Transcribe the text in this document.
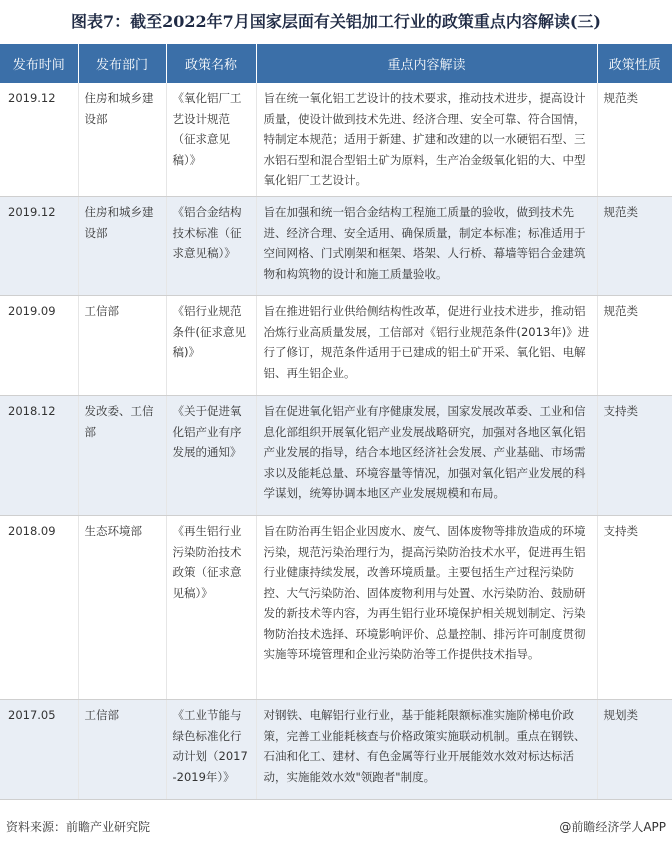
图表7：截至2022年7月国家层面有关铝加工行业的政策重点内容解读(三)
发布时间	发布部门	政策名称	重点内容解读	政策性质
2019.12	住房和城乡建设部	《氧化铝厂工艺设计规范（征求意见稿）》	旨在统一氧化铝工艺设计的技术要求，推动技术进步，提高设计质量，使设计做到技术先进、经济合理、安全可靠、符合国情，特制定本规范；适用于新建、扩建和改建的以一水硬铝石型、三水铝石型和混合型铝土矿为原料，生产冶金级氧化铝的大、中型氧化铝厂工艺设计。	规范类
2019.12	住房和城乡建设部	《铝合金结构技术标准（征求意见稿）》	旨在加强和统一铝合金结构工程施工质量的验收，做到技术先进、经济合理、安全适用、确保质量，制定本标准；标准适用于空间网格、门式刚架和框架、塔架、人行桥、幕墙等铝合金建筑物和构筑物的设计和施工质量验收。	规范类
2019.09	工信部	《铝行业规范条件(征求意见稿)》	旨在推进铝行业供给侧结构性改革，促进行业技术进步，推动铝冶炼行业高质量发展，工信部对《铝行业规范条件(2013年)》进行了修订，规范条件适用于已建成的铝土矿开采、氧化铝、电解铝、再生铝企业。	规范类
2018.12	发改委、工信部	《关于促进氧化铝产业有序发展的通知》	旨在促进氧化铝产业有序健康发展，国家发展改革委、工业和信息化部组织开展氧化铝产业发展战略研究，加强对各地区氧化铝产业发展的指导，结合本地区经济社会发展、产业基础、市场需求以及能耗总量、环境容量等情况，加强对氧化铝产业发展的科学谋划，统筹协调本地区产业发展规模和布局。	支持类
2018.09	生态环境部	《再生铝行业污染防治技术政策（征求意见稿）》	旨在防治再生铝企业因废水、废气、固体废物等排放造成的环境污染，规范污染治理行为，提高污染防治技术水平，促进再生铝行业健康持续发展，改善环境质量。主要包括生产过程污染防控、大气污染防治、固体废物利用与处置、水污染防治、鼓励研发的新技术等内容，为再生铝行业环境保护相关规划制定、污染物防治技术选择、环境影响评价、总量控制、排污许可制度贯彻实施等环境管理和企业污染防治等工作提供技术指导。	支持类
2017.05	工信部	《工业节能与绿色标准化行动计划（2017-2019年）》	对钢铁、电解铝行业行业，基于能耗限额标准实施阶梯电价政策，完善工业能耗核查与价格政策实施联动机制。重点在钢铁、石油和化工、建材、有色金属等行业开展能效水效对标达标活动，实施能效水效"领跑者"制度。	规划类
资料来源：前瞻产业研究院	@前瞻经济学人APP
